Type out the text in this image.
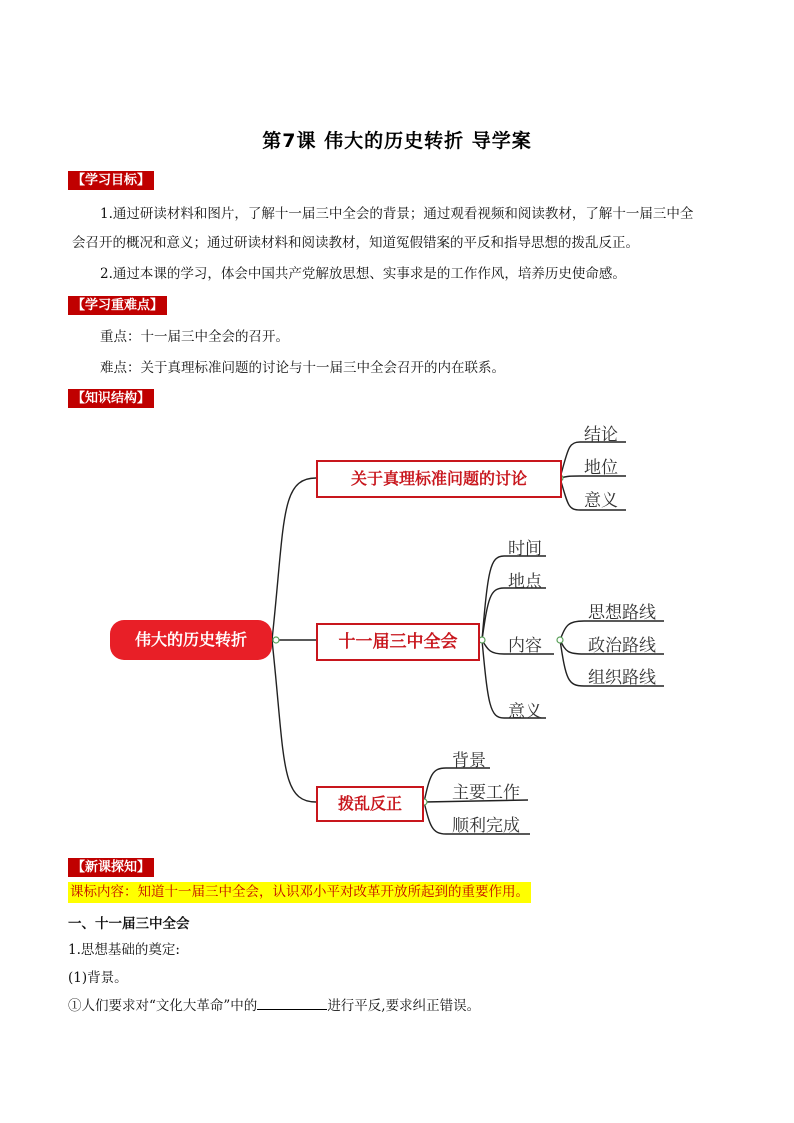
第7课 伟大的历史转折 导学案
【学习目标】
1.通过研读材料和图片，了解十一届三中全会的背景；通过观看视频和阅读教材，了解十一届三中全
会召开的概况和意义；通过研读材料和阅读教材，知道冤假错案的平反和指导思想的拨乱反正。
2.通过本课的学习，体会中国共产党解放思想、实事求是的工作作风，培养历史使命感。
【学习重难点】
重点：十一届三中全会的召开。
难点：关于真理标准问题的讨论与十一届三中全会召开的内在联系。
【知识结构】
伟大的历史转折
关于真理标准问题的讨论
十一届三中全会
拨乱反正
结论
地位
意义
时间
地点
内容
意义
思想路线
政治路线
组织路线
背景
主要工作
顺利完成
【新课探知】
课标内容：知道十一届三中全会，认识邓小平对改革开放所起到的重要作用。
一、十一届三中全会
1.思想基础的奠定:
(1)背景。
①人们要求对“文化大革命”中的	进行平反,要求纠正错误。
